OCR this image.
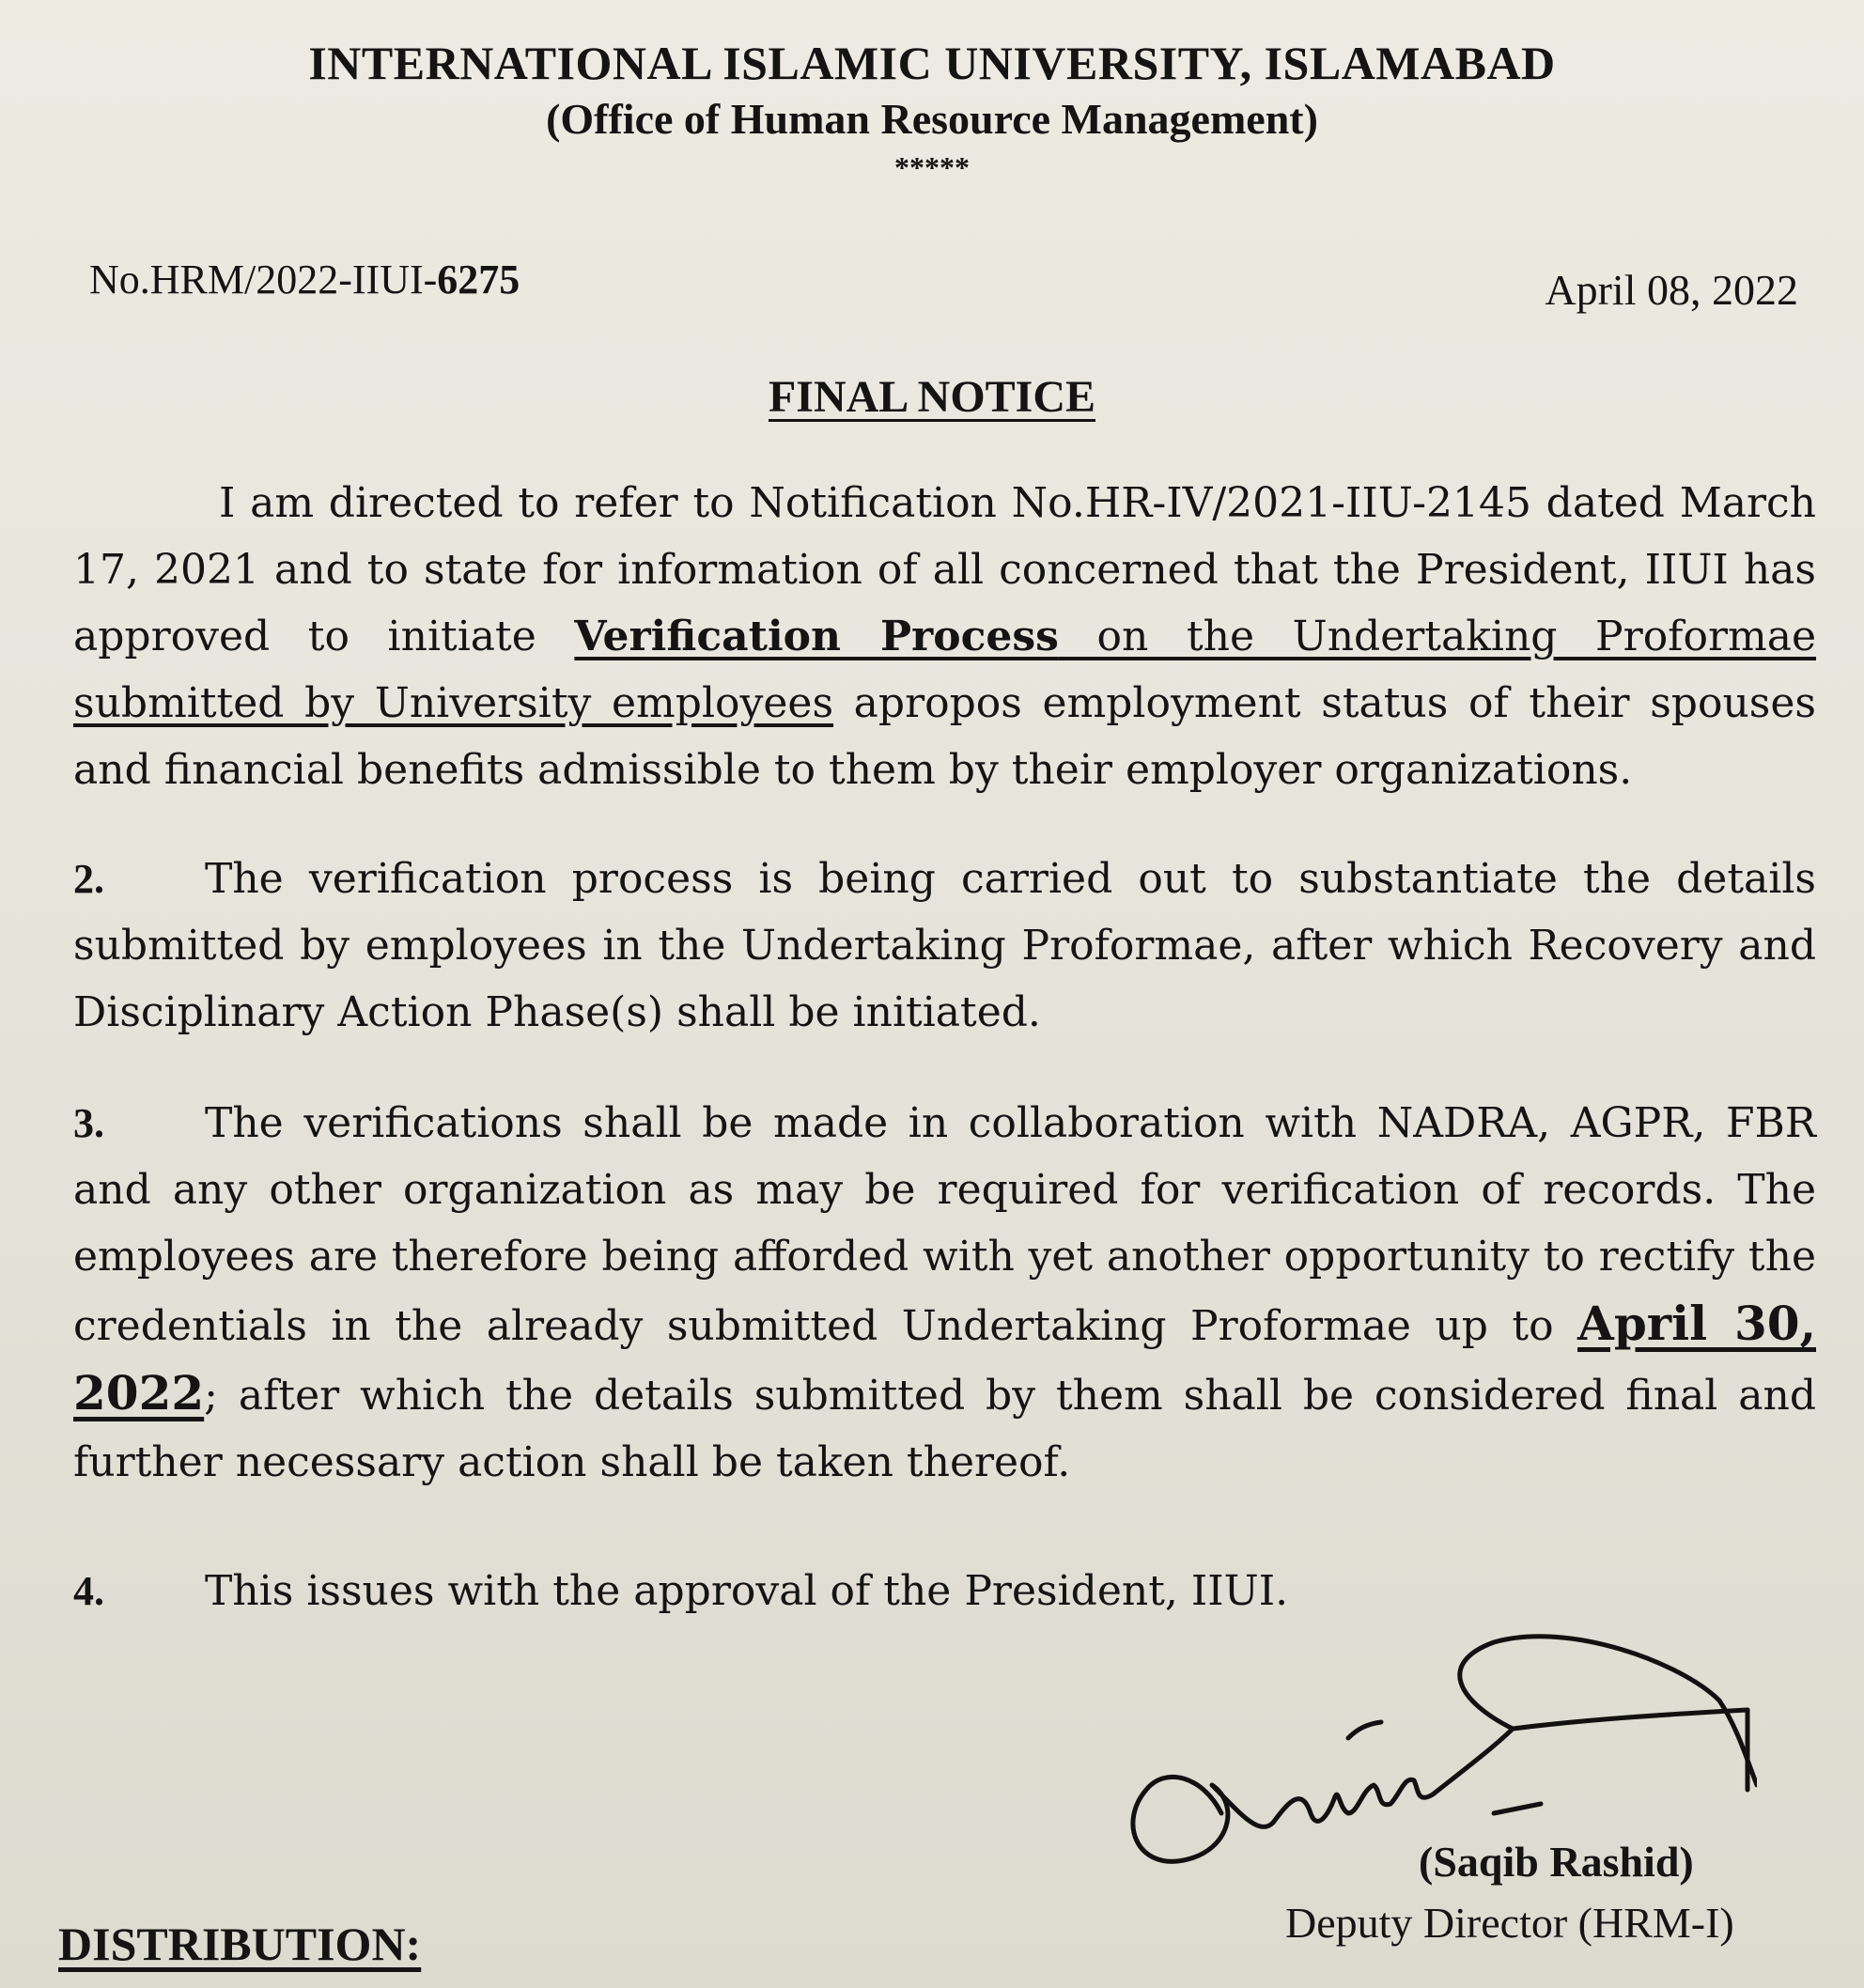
INTERNATIONAL ISLAMIC UNIVERSITY, ISLAMABAD
(Office of Human Resource Management)
*****
No.HRM/2022-IIUI-6275	April 08, 2022
FINAL NOTICE
I am directed to refer to Notification No.HR-IV/2021-IIU-2145 dated March 17, 2021 and to state for information of all concerned that the President, IIUI has approved to initiate Verification Process on the Undertaking Proformae submitted by University employees apropos employment status of their spouses and financial benefits admissible to them by their employer organizations.
2. The verification process is being carried out to substantiate the details submitted by employees in the Undertaking Proformae, after which Recovery and Disciplinary Action Phase(s) shall be initiated.
3. The verifications shall be made in collaboration with NADRA, AGPR, FBR and any other organization as may be required for verification of records. The employees are therefore being afforded with yet another opportunity to rectify the credentials in the already submitted Undertaking Proformae up to April 30, 2022; after which the details submitted by them shall be considered final and further necessary action shall be taken thereof.
4. This issues with the approval of the President, IIUI.
(Saqib Rashid)
Deputy Director (HRM-I)
DISTRIBUTION:
